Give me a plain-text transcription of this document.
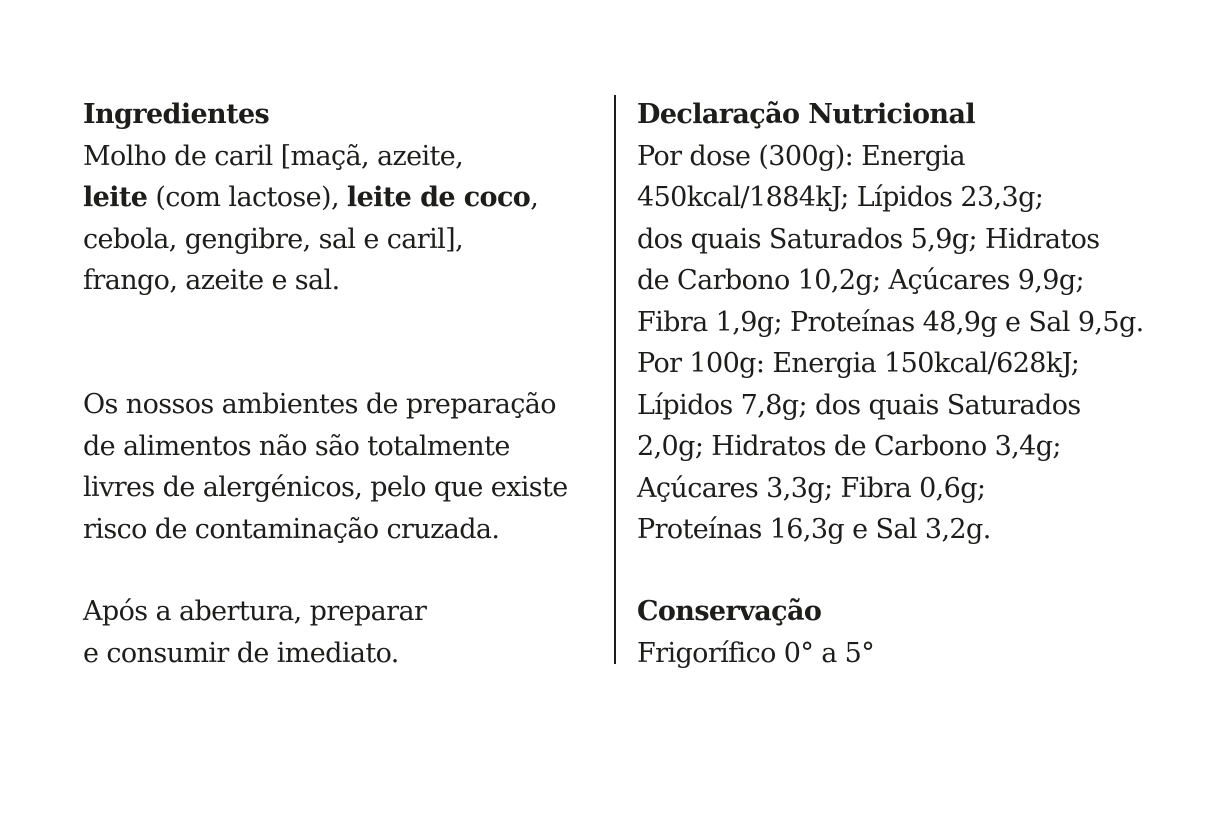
Ingredientes
Molho de caril [maçã, azeite,
leite (com lactose), leite de coco,
cebola, gengibre, sal e caril],
frango, azeite e sal.
Os nossos ambientes de preparação
de alimentos não são totalmente
livres de alergénicos, pelo que existe
risco de contaminação cruzada.
Após a abertura, preparar
e consumir de imediato.
Declaração Nutricional
Por dose (300g): Energia
450kcal/1884kJ; Lípidos 23,3g;
dos quais Saturados 5,9g; Hidratos
de Carbono 10,2g; Açúcares 9,9g;
Fibra 1,9g; Proteínas 48,9g e Sal 9,5g.
Por 100g: Energia 150kcal/628kJ;
Lípidos 7,8g; dos quais Saturados
2,0g; Hidratos de Carbono 3,4g;
Açúcares 3,3g; Fibra 0,6g;
Proteínas 16,3g e Sal 3,2g.
Conservação
Frigorífico 0° a 5°
